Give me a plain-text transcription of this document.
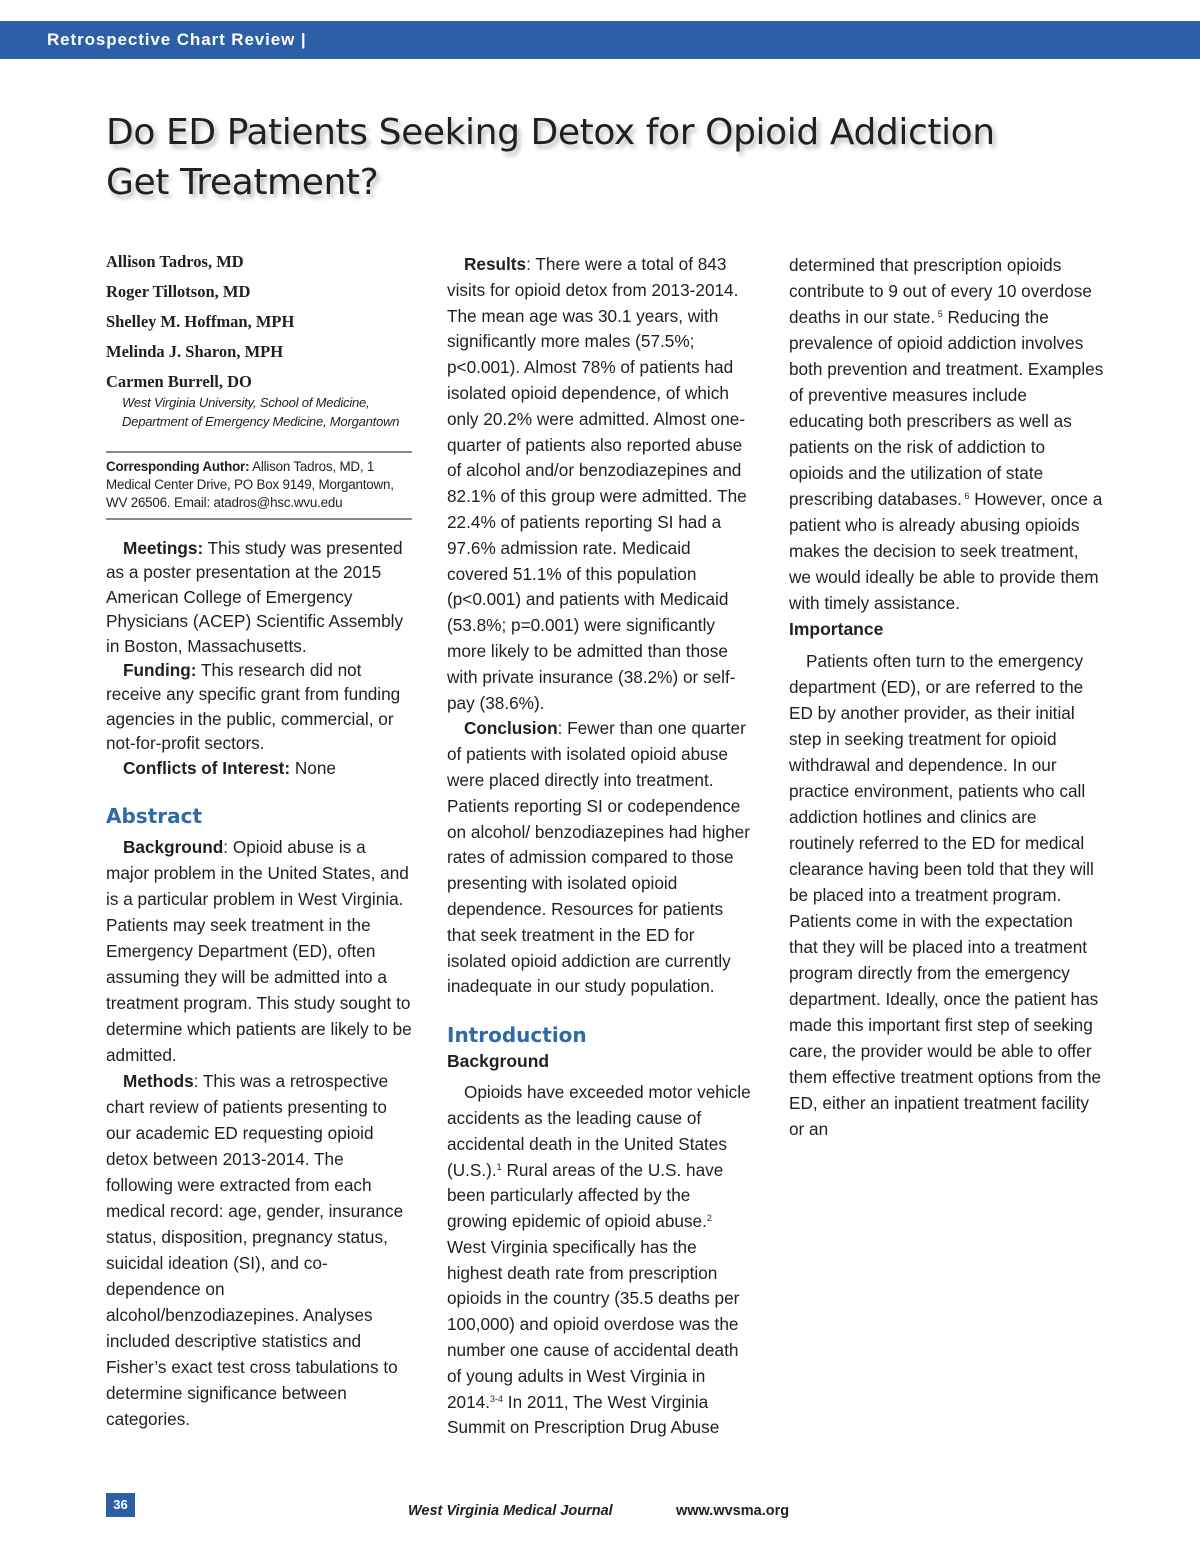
Retrospective Chart Review |
Do ED Patients Seeking Detox for Opioid Addiction
Get Treatment?
Allison Tadros, MD
Roger Tillotson, MD
Shelley M. Hoffman, MPH
Melinda J. Sharon, MPH
Carmen Burrell, DO
West Virginia University, School of Medicine,
Department of Emergency Medicine, Morgantown
Corresponding Author: Allison Tadros, MD, 1 Medical Center Drive, PO Box 9149, Morgantown, WV 26506. Email: atadros@hsc.wvu.edu

Meetings: This study was presented as a poster presentation at the 2015 American College of Emergency Physicians (ACEP) Scientific Assembly in Boston, Massachusetts.

Funding: This research did not receive any specific grant from funding agencies in the public, commercial, or not-for-profit sectors.

Conflicts of Interest: None

Abstract

Background: Opioid abuse is a major problem in the United States, and is a particular problem in West Virginia. Patients may seek treatment in the Emergency Department (ED), often assuming they will be admitted into a treatment program. This study sought to determine which patients are likely to be admitted.

Methods: This was a retrospective chart review of patients presenting to our academic ED requesting opioid detox between 2013-2014. The following were extracted from each medical record: age, gender, insurance status, disposition, pregnancy status, suicidal ideation (SI), and co-dependence on alcohol/benzodiazepines. Analyses included descriptive statistics and Fisher’s exact test cross tabulations to determine significance between categories.

Results: There were a total of 843 visits for opioid detox from 2013-2014. The mean age was 30.1 years, with significantly more males (57.5%; p<0.001). Almost 78% of patients had isolated opioid dependence, of which only 20.2% were admitted. Almost one-quarter of patients also reported abuse of alcohol and/or benzodiazepines and 82.1% of this group were admitted. The 22.4% of patients reporting SI had a 97.6% admission rate. Medicaid covered 51.1% of this population (p<0.001) and patients with Medicaid (53.8%; p=0.001) were significantly more likely to be admitted than those with private insurance (38.2%) or self-pay (38.6%).

Conclusion: Fewer than one quarter of patients with isolated opioid abuse were placed directly into treatment. Patients reporting SI or codependence on alcohol/ benzodiazepines had higher rates of admission compared to those presenting with isolated opioid dependence. Resources for patients that seek treatment in the ED for isolated opioid addiction are currently inadequate in our study population.

Introduction
Background

Opioids have exceeded motor vehicle accidents as the leading cause of accidental death in the United States (U.S.).$^1$ Rural areas of the U.S. have been particularly affected by the growing epidemic of opioid abuse.$^2$ West Virginia specifically has the highest death rate from prescription opioids in the country (35.5 deaths per 100,000) and opioid overdose was the number one cause of accidental death of young adults in West Virginia in 2014.$^{3-4}$ In 2011, The West Virginia Summit on Prescription Drug Abuse

determined that prescription opioids contribute to 9 out of every 10 overdose deaths in our state. $^5$ Reducing the prevalence of opioid addiction involves both prevention and treatment. Examples of preventive measures include educating both prescribers as well as patients on the risk of addiction to opioids and the utilization of state prescribing databases. $^6$ However, once a patient who is already abusing opioids makes the decision to seek treatment, we would ideally be able to provide them with timely assistance.

Importance

Patients often turn to the emergency department (ED), or are referred to the ED by another provider, as their initial step in seeking treatment for opioid withdrawal and dependence. In our practice environment, patients who call addiction hotlines and clinics are routinely referred to the ED for medical clearance having been told that they will be placed into a treatment program. Patients come in with the expectation that they will be placed into a treatment program directly from the emergency department. Ideally, once the patient has made this important first step of seeking care, the provider would be able to offer them effective treatment options from the ED, either an inpatient treatment facility or an

36	West Virginia Medical Journal	www.wvsma.org
